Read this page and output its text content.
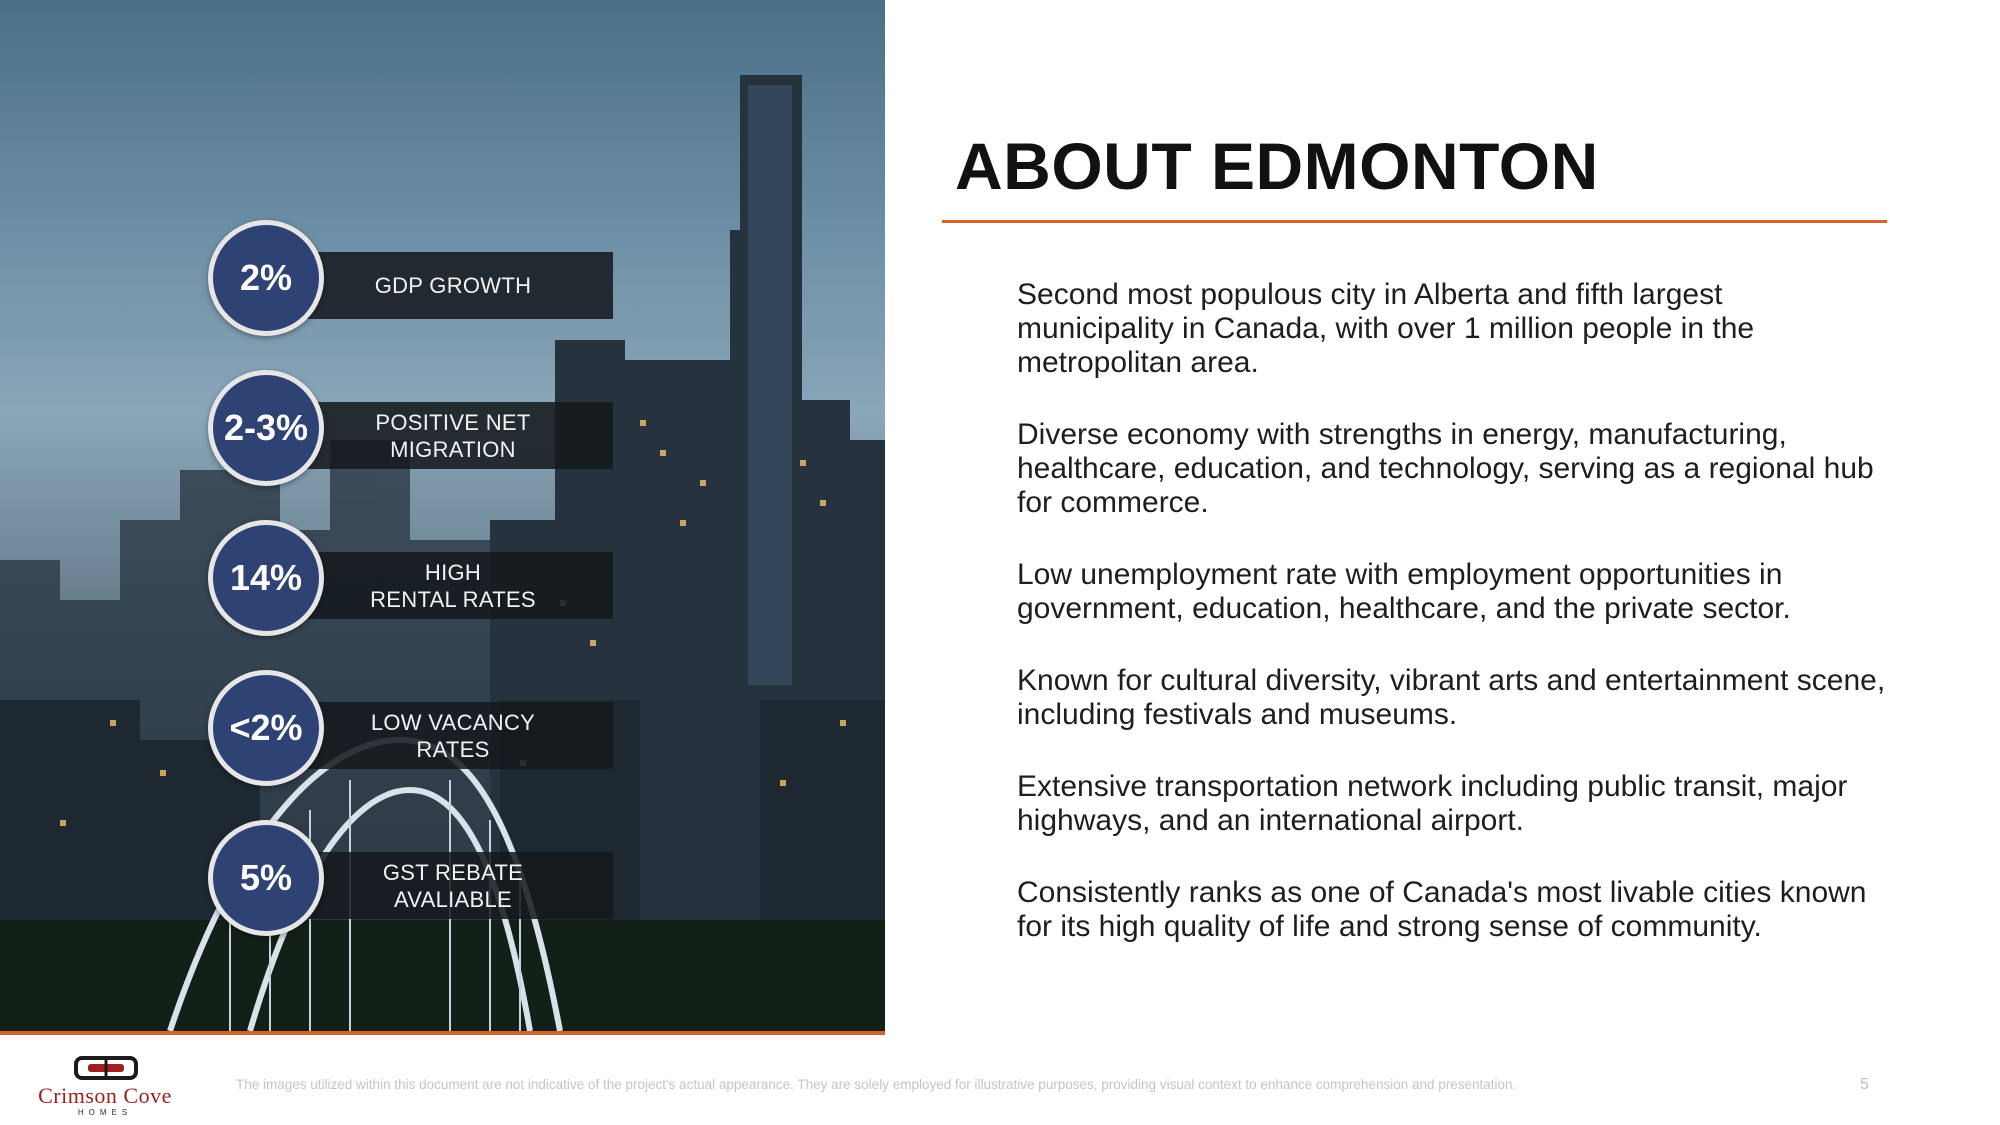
GDP GROWTH
2%
POSITIVE NET
MIGRATION
2-3%
HIGH
RENTAL RATES
14%
LOW VACANCY
RATES
<2%
GST REBATE
AVALIABLE
5%
ABOUT EDMONTON

Second most populous city in Alberta and fifth largest municipality in Canada, with over 1 million people in the metropolitan area.

Diverse economy with strengths in energy, manufacturing, healthcare, education, and technology, serving as a regional hub for commerce.

Low unemployment rate with employment opportunities in government, education, healthcare, and the private sector.

Known for cultural diversity, vibrant arts and entertainment scene, including festivals and museums.

Extensive transportation network including public transit, major highways, and an international airport.

Consistently ranks as one of Canada's most livable cities known for its high quality of life and strong sense of community.

Crimson Cove
HOMES
The images utilized within this document are not indicative of the project's actual appearance. They are solely employed for illustrative purposes, providing visual context to enhance comprehension and presentation.	5
